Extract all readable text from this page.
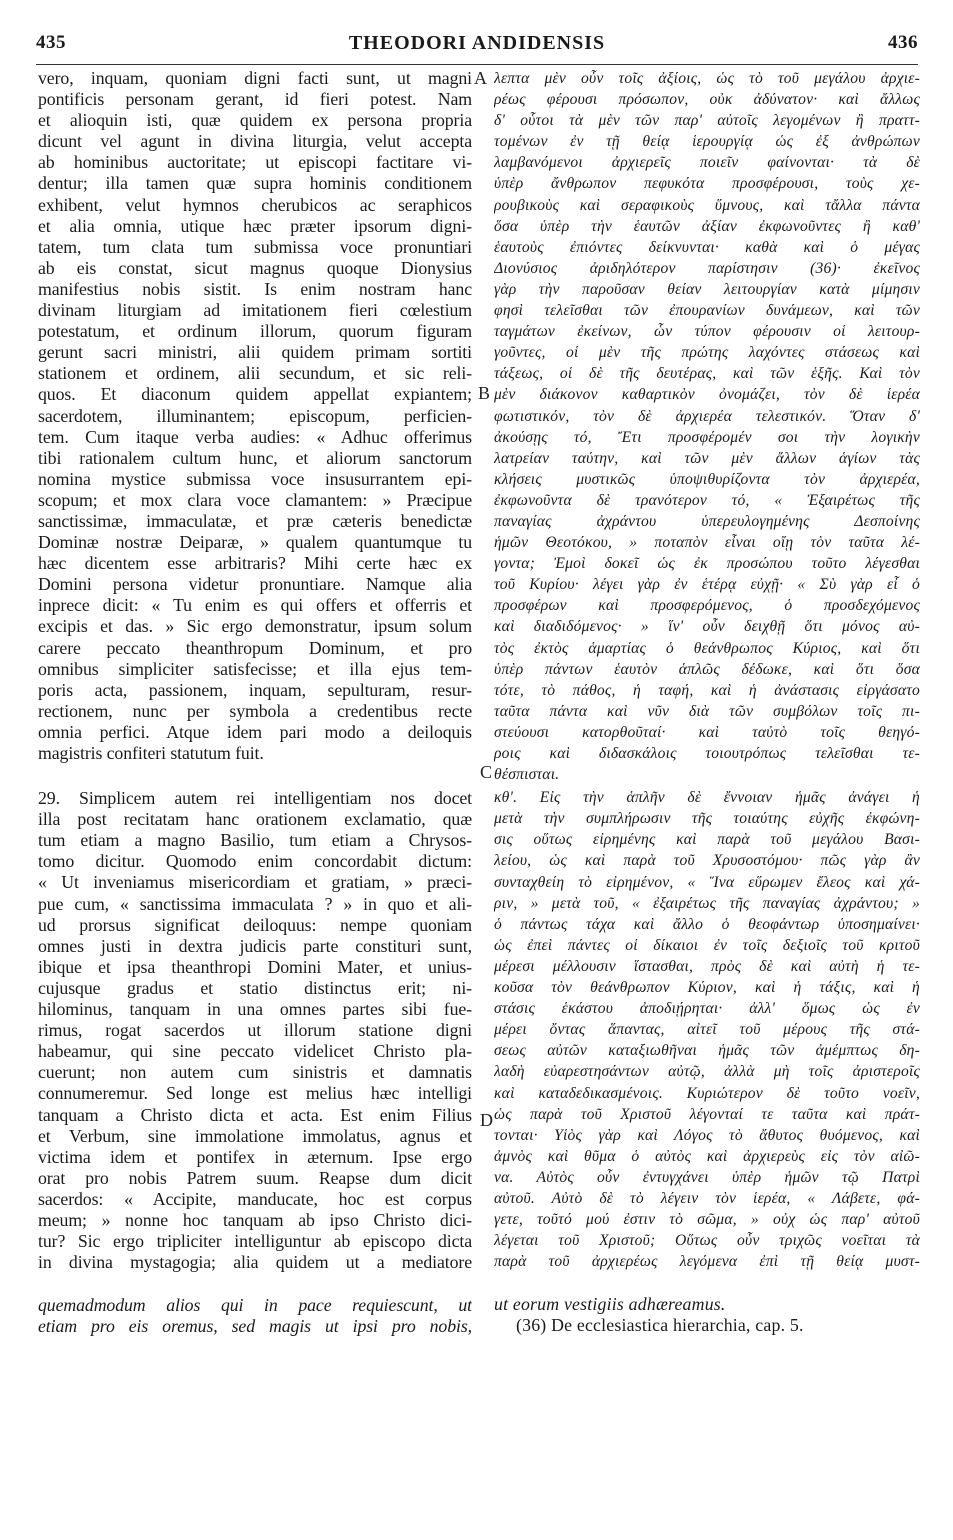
435	THEODORI ANDIDENSIS	436
A
B
C
D
vero, inquam, quoniam digni facti sunt, ut magni
pontificis personam gerant, id fieri potest. Nam
et alioquin isti, quæ quidem ex persona propria
dicunt vel agunt in divina liturgia, velut accepta
ab hominibus auctoritate; ut episcopi factitare vi-
dentur; illa tamen quæ supra hominis conditionem
exhibent, velut hymnos cherubicos ac seraphicos
et alia omnia, utique hæc præter ipsorum digni-
tatem, tum clata tum submissa voce pronuntiari
ab eis constat, sicut magnus quoque Dionysius
manifestius nobis sistit. Is enim nostram hanc
divinam liturgiam ad imitationem fieri cœlestium
potestatum, et ordinum illorum, quorum figuram
gerunt sacri ministri, alii quidem primam sortiti
stationem et ordinem, alii secundum, et sic reli-
quos. Et diaconum quidem appellat expiantem;
sacerdotem, illuminantem; episcopum, perficien-
tem. Cum itaque verba audies: « Adhuc offerimus
tibi rationalem cultum hunc, et aliorum sanctorum
nomina mystice submissa voce insusurrantem epi-
scopum; et mox clara voce clamantem: » Præcipue
sanctissimæ, immaculatæ, et præ cæteris benedictæ
Dominæ nostræ Deiparæ, » qualem quantumque tu
hæc dicentem esse arbitraris? Mihi certe hæc ex
Domini persona videtur pronuntiare. Namque alia
inprece dicit: « Tu enim es qui offers et offerris et
excipis et das. » Sic ergo demonstratur, ipsum solum
carere peccato theanthropum Dominum, et pro
omnibus simpliciter satisfecisse; et illa ejus tem-
poris acta, passionem, inquam, sepulturam, resur-
rectionem, nunc per symbola a credentibus recte
omnia perfici. Atque idem pari modo a deiloquis
magistris confiteri statutum fuit.
29. Simplicem autem rei intelligentiam nos docet
illa post recitatam hanc orationem exclamatio, quæ
tum etiam a magno Basilio, tum etiam a Chrysos-
tomo dicitur. Quomodo enim concordabit dictum:
« Ut inveniamus misericordiam et gratiam, » præci-
pue cum, « sanctissima immaculata ? » in quo et ali-
ud prorsus significat deiloquus: nempe quoniam
omnes justi in dextra judicis parte constituri sunt,
ibique et ipsa theanthropi Domini Mater, et unius-
cujusque gradus et statio distinctus erit; ni-
hilominus, tanquam in una omnes partes sibi fue-
rimus, rogat sacerdos ut illorum statione digni
habeamur, qui sine peccato videlicet Christo pla-
cuerunt; non autem cum sinistris et damnatis
connumeremur. Sed longe est melius hæc intelligi
tanquam a Christo dicta et acta. Est enim Filius
et Verbum, sine immolatione immolatus, agnus et
victima idem et pontifex in æternum. Ipse ergo
orat pro nobis Patrem suum. Reapse dum dicit
sacerdos: « Accipite, manducate, hoc est corpus
meum; » nonne hoc tanquam ab ipso Christo dici-
tur? Sic ergo tripliciter intelliguntur ab episcopo dicta
in divina mystagogia; alia quidem ut a mediatore
quemadmodum alios qui in pace requiescunt, ut
etiam pro eis oremus, sed magis ut ipsi pro nobis,
λεπτα μὲν οὖν τοῖς ἀξίοις, ὡς τὸ τοῦ μεγάλου ἀρχιε-
ρέως φέρουσι πρόσωπον, οὐκ ἀδύνατον· καὶ ἄλλως
δ' οὗτοι τὰ μὲν τῶν παρ' αὐτοῖς λεγομένων ἢ πραττ-
τομένων ἐν τῇ θείᾳ ἱερουργίᾳ ὡς ἐξ ἀνθρώπων
λαμβανόμενοι ἀρχιερεῖς ποιεῖν φαίνονται· τὰ δὲ
ὑπὲρ ἄνθρωπον πεφυκότα προσφέρουσι, τοὺς χε-
ρουβικοὺς καὶ σεραφικοὺς ὕμνους, καὶ τἄλλα πάντα
ὅσα ὑπὲρ τὴν ἑαυτῶν ἀξίαν ἐκφωνοῦντες ἢ καθ'
ἑαυτοὺς ἐπιόντες δείκνυνται· καθὰ καὶ ὁ μέγας
Διονύσιος ἀριδηλότερον παρίστησιν (36)· ἐκεῖνος
γὰρ τὴν παροῦσαν θείαν λειτουργίαν κατὰ μίμησιν
φησὶ τελεῖσθαι τῶν ἐπουρανίων δυνάμεων, καὶ τῶν
ταγμάτων ἐκείνων, ὧν τύπον φέρουσιν οἱ λειτουρ-
γοῦντες, οἱ μὲν τῆς πρώτης λαχόντες στάσεως καὶ
τάξεως, οἱ δὲ τῆς δευτέρας, καὶ τῶν ἑξῆς. Καὶ τὸν
μὲν διάκονον καθαρτικὸν ὀνομάζει, τὸν δὲ ἱερέα
φωτιστικόν, τὸν δὲ ἀρχιερέα τελεστικόν. Ὅταν δ'
ἀκούσῃς τό, Ἔτι προσφέρομέν σοι τὴν λογικὴν
λατρείαν ταύτην, καὶ τῶν μὲν ἄλλων ἁγίων τὰς
κλήσεις μυστικῶς ὑποψιθυρίζοντα τὸν ἀρχιερέα,
ἐκφωνοῦντα δὲ τρανότερον τό, « Ἐξαιρέτως τῆς
παναγίας ἀχράντου ὑπερευλογημένης Δεσποίνης
ἡμῶν Θεοτόκου, » ποταπὸν εἶναι οἴῃ τὸν ταῦτα λέ-
γοντα; Ἐμοὶ δοκεῖ ὡς ἐκ προσώπου τοῦτο λέγεσθαι
τοῦ Κυρίου· λέγει γὰρ ἐν ἑτέρᾳ εὐχῇ· « Σὺ γὰρ εἶ ὁ
προσφέρων καὶ προσφερόμενος, ὁ προσδεχόμενος
καὶ διαδιδόμενος· » ἵν' οὖν δειχθῇ ὅτι μόνος αὐ-
τὸς ἐκτὸς ἁμαρτίας ὁ θεάνθρωπος Κύριος, καὶ ὅτι
ὑπὲρ πάντων ἑαυτὸν ἁπλῶς δέδωκε, καὶ ὅτι ὅσα
τότε, τὸ πάθος, ἡ ταφή, καὶ ἡ ἀνάστασις εἰργάσατο
ταῦτα πάντα καὶ νῦν διὰ τῶν συμβόλων τοῖς πι-
στεύουσι κατορθοῦταί· καὶ ταὐτὸ τοῖς θεηγό-
ροις καὶ διδασκάλοις τοιουτρόπως τελεῖσθαι τε-
θέσπισται.
κθ'. Εἰς τὴν ἁπλῆν δὲ ἔννοιαν ἡμᾶς ἀνάγει ἡ
μετὰ τὴν συμπλήρωσιν τῆς τοιαύτης εὐχῆς ἐκφώνη-
σις οὕτως εἰρημένης καὶ παρὰ τοῦ μεγάλου Βασι-
λείου, ὡς καὶ παρὰ τοῦ Χρυσοστόμου· πῶς γὰρ ἂν
συνταχθείη τὸ εἰρημένον, « Ἵνα εὕρωμεν ἔλεος καὶ χά-
ριν, » μετὰ τοῦ, « ἐξαιρέτως τῆς παναγίας ἀχράντου; »
ὁ πάντως τάχα καὶ ἄλλο ὁ θεοφάντωρ ὑποσημαίνει·
ὡς ἐπεὶ πάντες οἱ δίκαιοι ἐν τοῖς δεξιοῖς τοῦ κριτοῦ
μέρεσι μέλλουσιν ἵστασθαι, πρὸς δὲ καὶ αὐτὴ ἡ τε-
κοῦσα τὸν θεάνθρωπον Κύριον, καὶ ἡ τάξις, καὶ ἡ
στάσις ἑκάστου ἀποδιῄρηται· ἀλλ' ὅμως ὡς ἐν
μέρει ὄντας ἅπαντας, αἰτεῖ τοῦ μέρους τῆς στά-
σεως αὐτῶν καταξιωθῆναι ἡμᾶς τῶν ἀμέμπτως δη-
λαδὴ εὐαρεστησάντων αὐτῷ, ἀλλὰ μὴ τοῖς ἀριστεροῖς
καὶ καταδεδικασμένοις. Κυριώτερον δὲ τοῦτο νοεῖν,
ὡς παρὰ τοῦ Χριστοῦ λέγονταί τε ταῦτα καὶ πράτ-
τονται· Υἱὸς γὰρ καὶ Λόγος τὸ ἄθυτος θυόμενος, καὶ
ἀμνὸς καὶ θῦμα ὁ αὐτὸς καὶ ἀρχιερεὺς εἰς τὸν αἰῶ-
να. Αὐτὸς οὖν ἐντυγχάνει ὑπὲρ ἡμῶν τῷ Πατρὶ
αὐτοῦ. Αὐτὸ δὲ τὸ λέγειν τὸν ἱερέα, « Λάβετε, φά-
γετε, τοῦτό μού ἐστιν τὸ σῶμα, » οὐχ ὡς παρ' αὐτοῦ
λέγεται τοῦ Χριστοῦ; Οὕτως οὖν τριχῶς νοεῖται τὰ
παρὰ τοῦ ἀρχιερέως λεγόμενα ἐπὶ τῇ θείᾳ μυστ-
ut eorum vestigiis adhæreamus.
(36) De ecclesiastica hierarchia, cap. 5.
